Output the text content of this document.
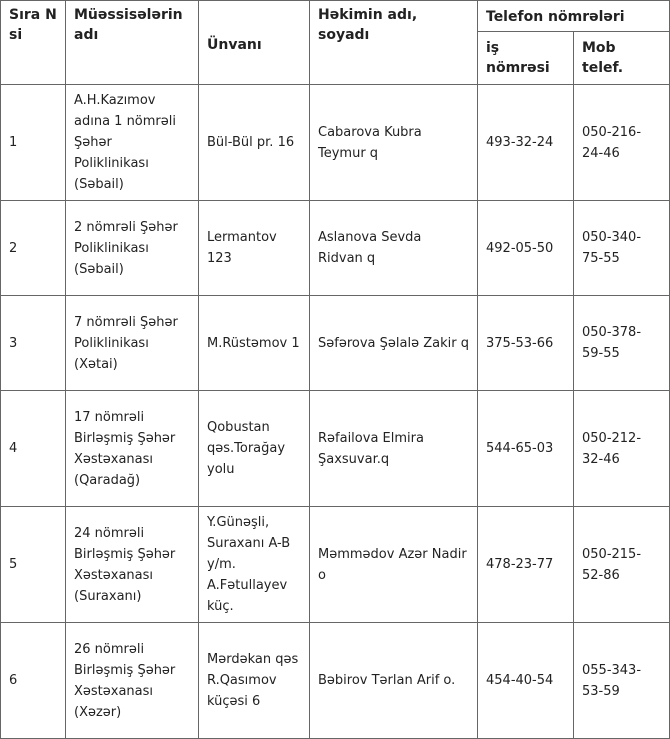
Sıra N si	Müəssisələrin adı	Ünvanı	Həkimin adı, soyadı	Telefon nömrələri	
				iş nömrəsi	Mob telef.
1	A.H.Kazımov adına 1 nömrəli Şəhər Poliklinikası (Səbail)	Bül-Bül pr. 16	Cabarova Kubra Teymur q	493-32-24	050-216-24-46
2	2 nömrəli Şəhər Poliklinikası (Səbail)	Lermantov 123	Aslanova Sevda Ridvan q	492-05-50	050-340-75-55
3	7 nömrəli Şəhər Poliklinikası (Xətai)	M.Rüstəmov 1	Səfərova Şəlalə Zakir q	375-53-66	050-378-59-55
4	17 nömrəli Birləşmiş Şəhər Xəstəxanası (Qaradağ)	Qobustan qəs.Torağay yolu	Rəfailova Elmira Şaxsuvar.q	544-65-03	050-212-32-46
5	24 nömrəli Birləşmiş Şəhər Xəstəxanası (Suraxanı)	Y.Günəşli, Suraxanı A-B y/m. A.Fətullayev küç.	Məmmədov Azər Nadir o	478-23-77	050-215-52-86
6	26 nömrəli Birləşmiş Şəhər Xəstəxanası (Xəzər)	Mərdəkan qəs R.Qasımov küçəsi 6	Bəbirov Tərlan Arif o.	454-40-54	055-343-53-59
